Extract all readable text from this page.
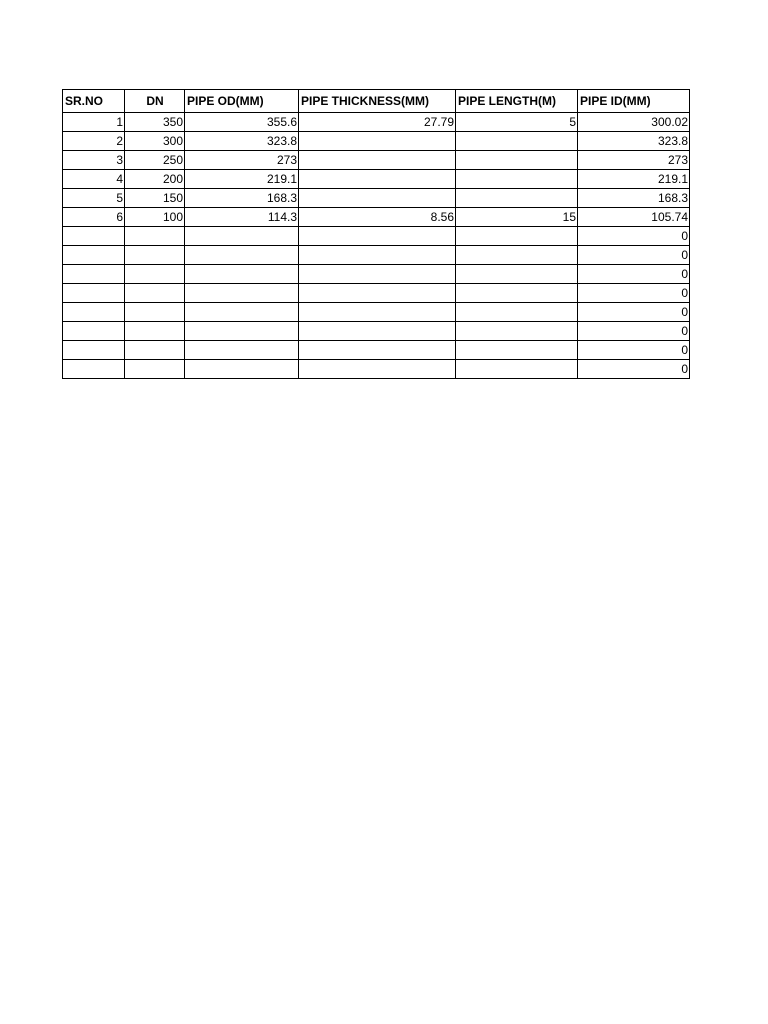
SR.NO	DN	PIPE OD(MM)	PIPE THICKNESS(MM)	PIPE LENGTH(M)	PIPE ID(MM)
1	350	355.6	27.79	5	300.02
2	300	323.8			323.8
3	250	273			273
4	200	219.1			219.1
5	150	168.3			168.3
6	100	114.3	8.56	15	105.74
					0
					0
					0
					0
					0
					0
					0
					0
